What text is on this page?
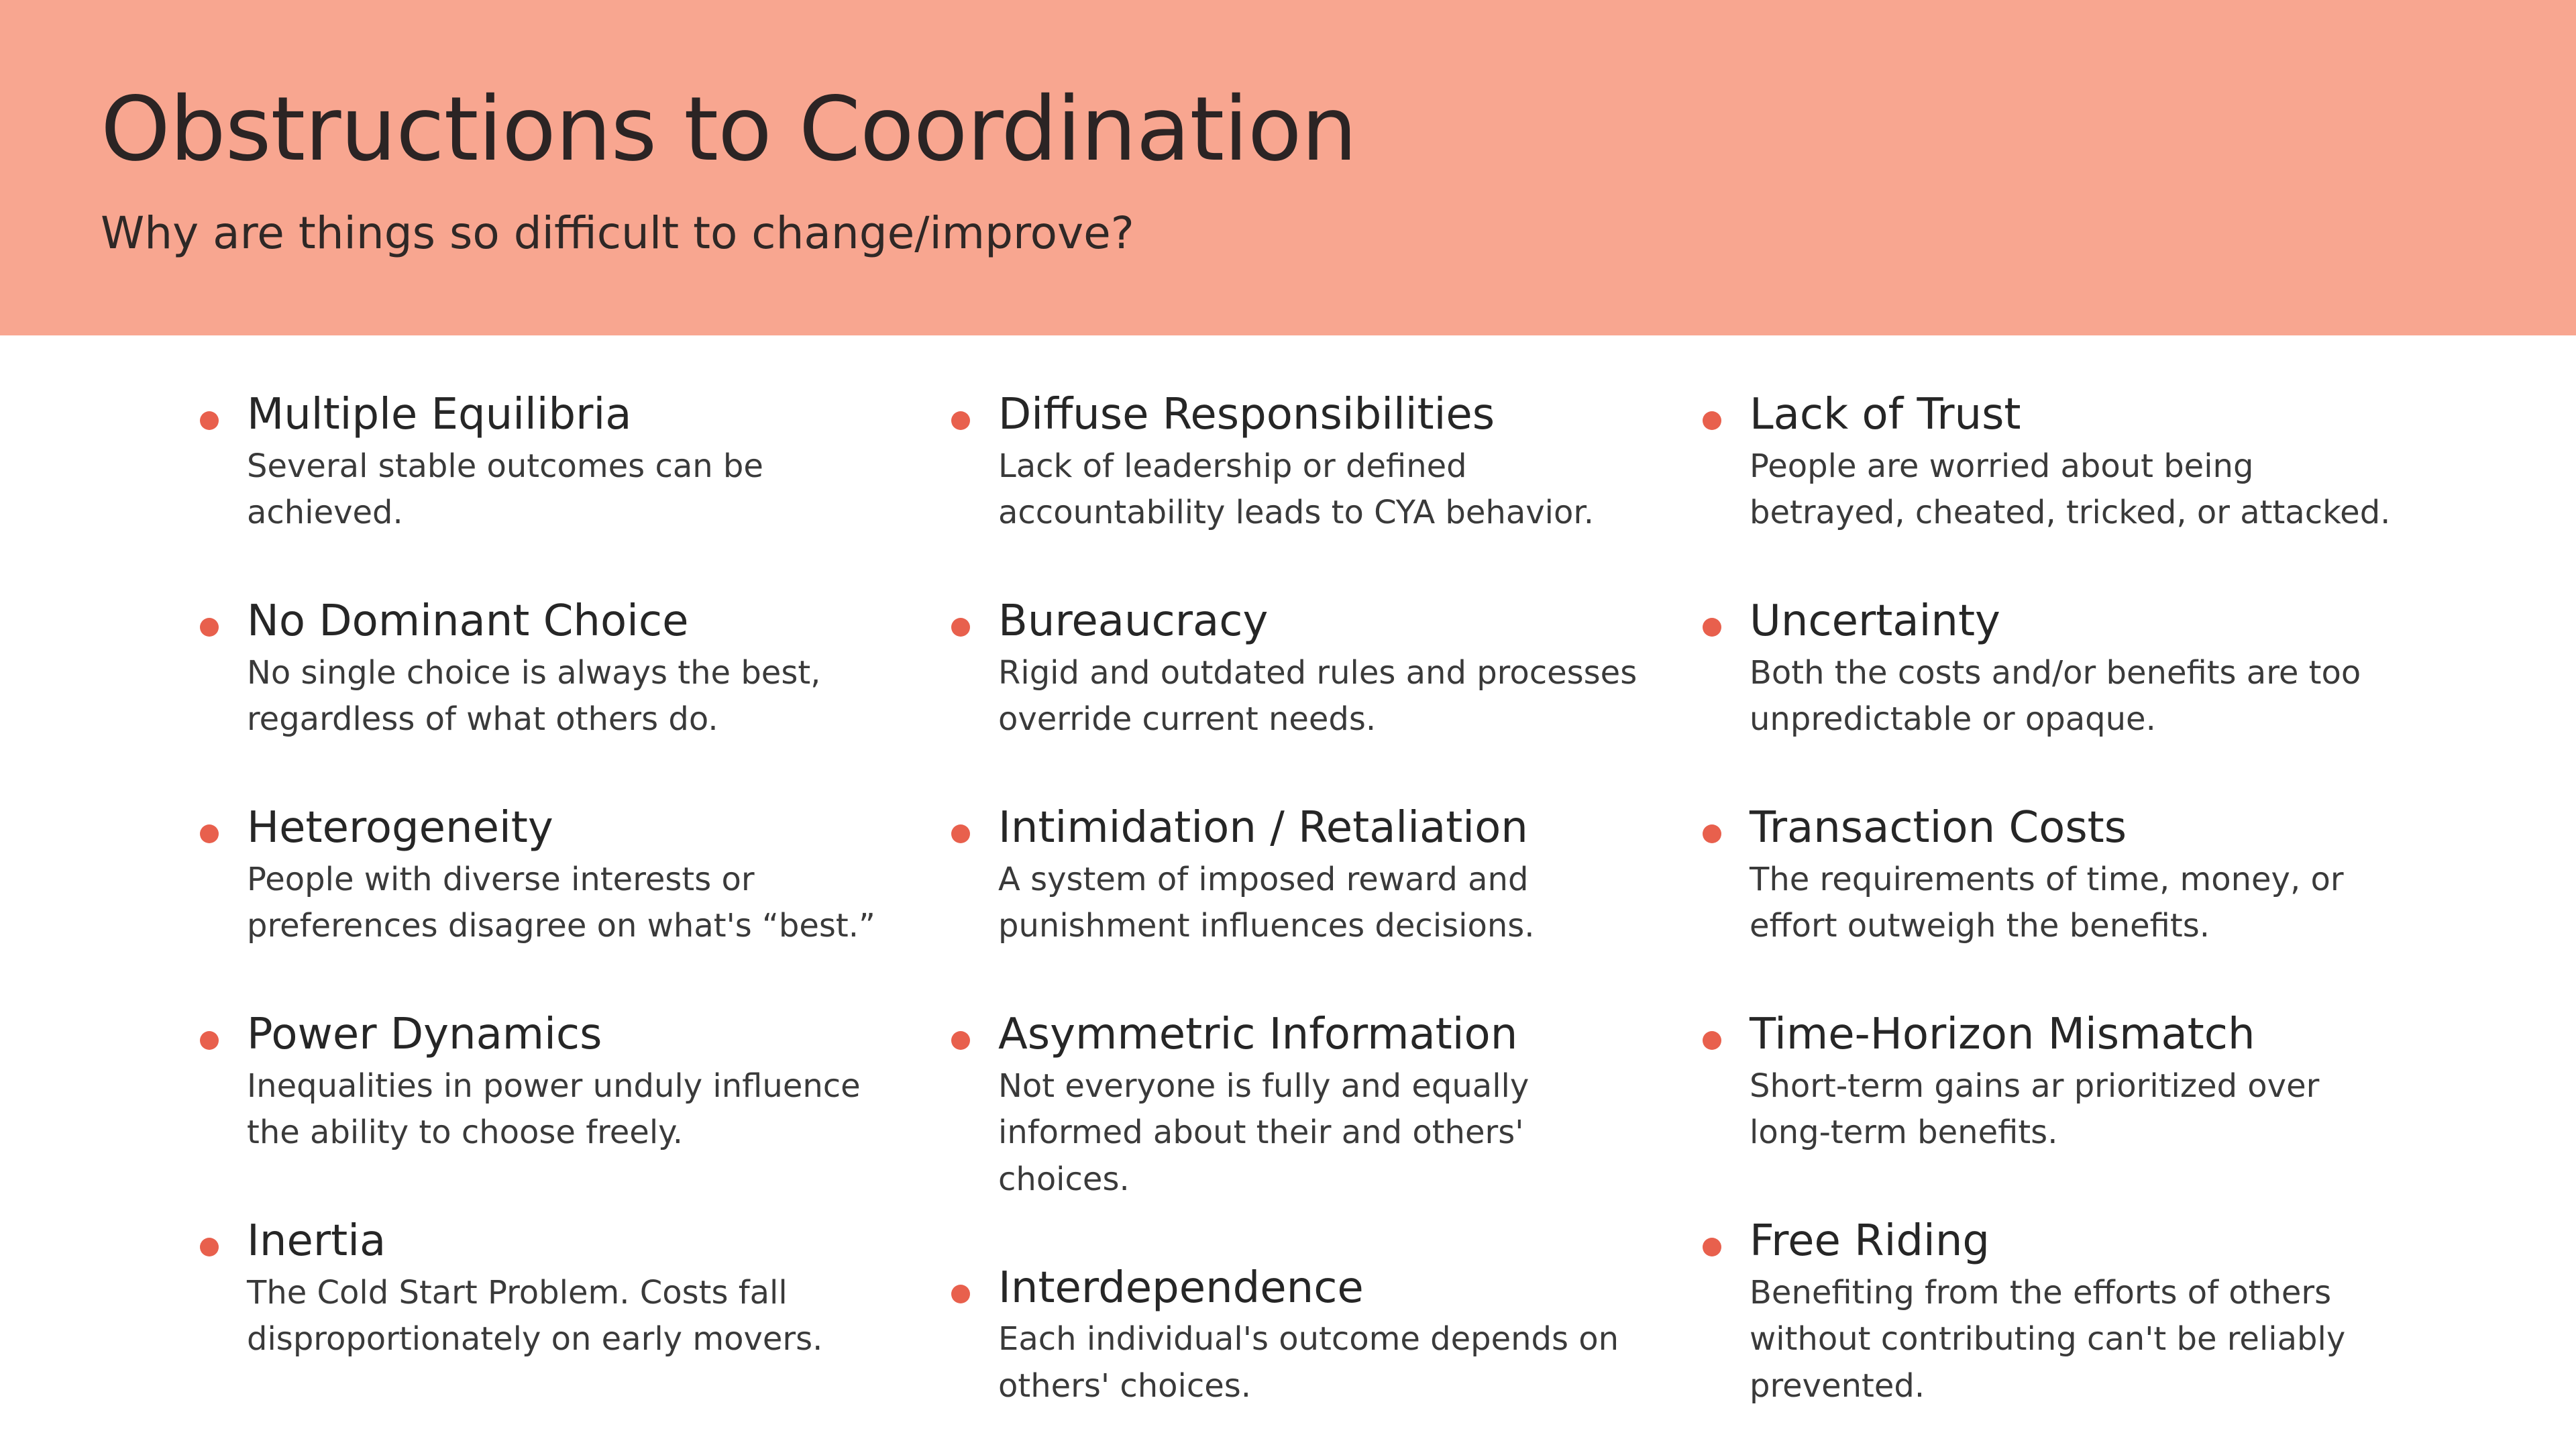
Obstructions to Coordination

Why are things so difficult to change/improve?

Multiple Equilibria
Several stable outcomes can be
achieved.
No Dominant Choice
No single choice is always the best,
regardless of what others do.
Heterogeneity
People with diverse interests or
preferences disagree on what's “best.”
Power Dynamics
Inequalities in power unduly influence
the ability to choose freely.
Inertia
The Cold Start Problem. Costs fall
disproportionately on early movers.
Diffuse Responsibilities
Lack of leadership or defined
accountability leads to CYA behavior.
Bureaucracy
Rigid and outdated rules and processes
override current needs.
Intimidation / Retaliation
A system of imposed reward and
punishment influences decisions.
Asymmetric Information
Not everyone is fully and equally
informed about their and others'
choices.
Interdependence
Each individual's outcome depends on
others' choices.
Lack of Trust
People are worried about being
betrayed, cheated, tricked, or attacked.
Uncertainty
Both the costs and/or benefits are too
unpredictable or opaque.
Transaction Costs
The requirements of time, money, or
effort outweigh the benefits.
Time-Horizon Mismatch
Short-term gains ar prioritized over
long-term benefits.
Free Riding
Benefiting from the efforts of others
without contributing can't be reliably
prevented.
